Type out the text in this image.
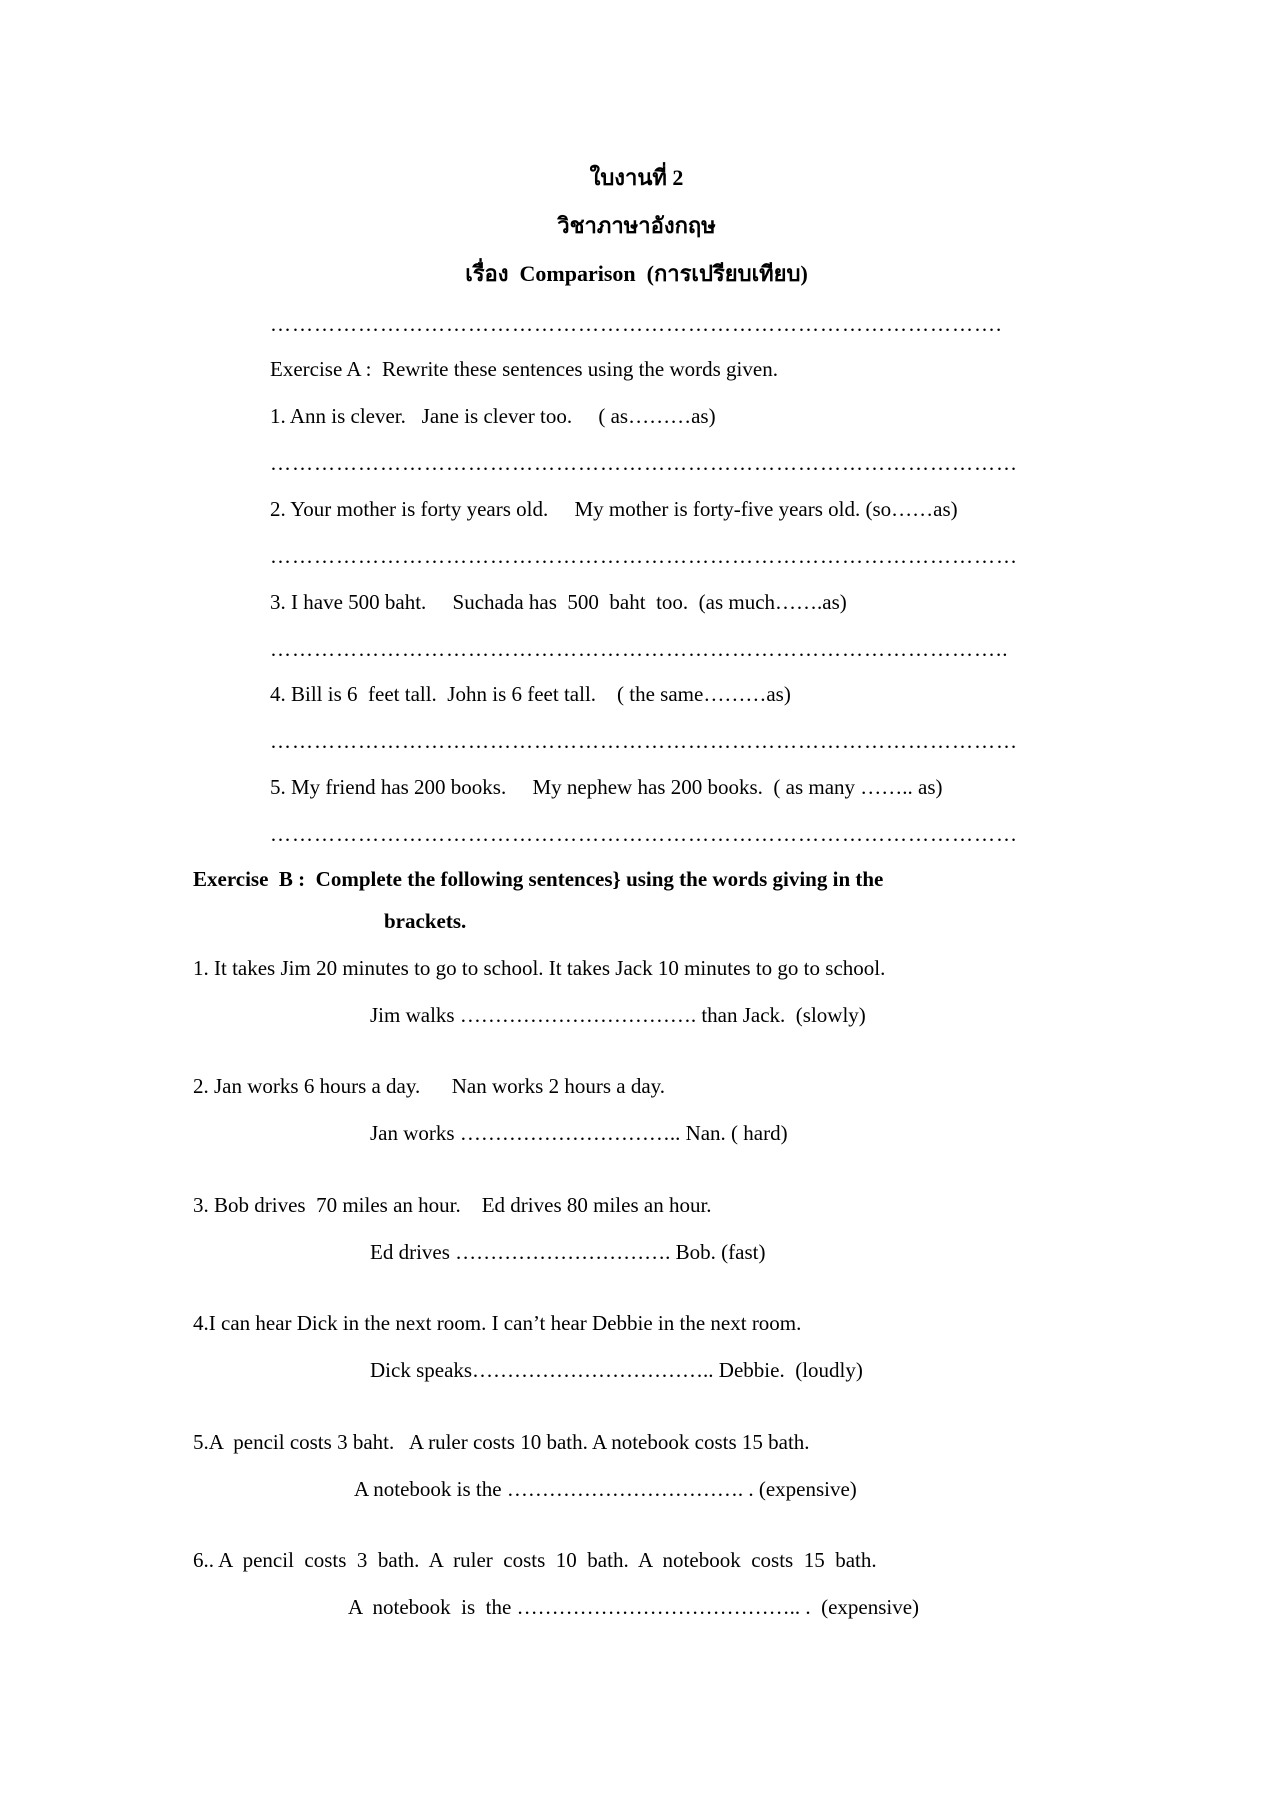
ใบงานที่ 2
วิชาภาษาอังกฤษ
เรื่อง  Comparison  (การเปรียบเทียบ)
……………………………………………………………………………………….
Exercise A :  Rewrite these sentences using the words given.
1. Ann is clever.   Jane is clever too.     ( as………as)
…………………………………………………………………………………………
2. Your mother is forty years old.     My mother is forty-five years old. (so……as)
…………………………………………………………………………………………
3. I have 500 baht.     Suchada has  500  baht  too.  (as much…….as)
………………………………………………………………………………………..
4. Bill is 6  feet tall.  John is 6 feet tall.    ( the same………as)
…………………………………………………………………………………………
5. My friend has 200 books.     My nephew has 200 books.  ( as many …….. as)
…………………………………………………………………………………………
Exercise  B :  Complete the following sentences} using the words giving in the
brackets.
1. It takes Jim 20 minutes to go to school. It takes Jack 10 minutes to go to school.
Jim walks ……………………………. than Jack.  (slowly)
2. Jan works 6 hours a day.      Nan works 2 hours a day.
Jan works ………………………….. Nan. ( hard)
3. Bob drives  70 miles an hour.    Ed drives 80 miles an hour.
Ed drives …………………………. Bob. (fast)
4.I can hear Dick in the next room. I can’t hear Debbie in the next room.
Dick speaks…………………………….. Debbie.  (loudly)
5.A  pencil costs 3 baht.   A ruler costs 10 bath. A notebook costs 15 bath.
A notebook is the ……………………………. . (expensive)
6.. A  pencil  costs  3  bath.  A  ruler  costs  10  bath.  A  notebook  costs  15  bath.
A  notebook  is  the ………………………………….. .  (expensive)
